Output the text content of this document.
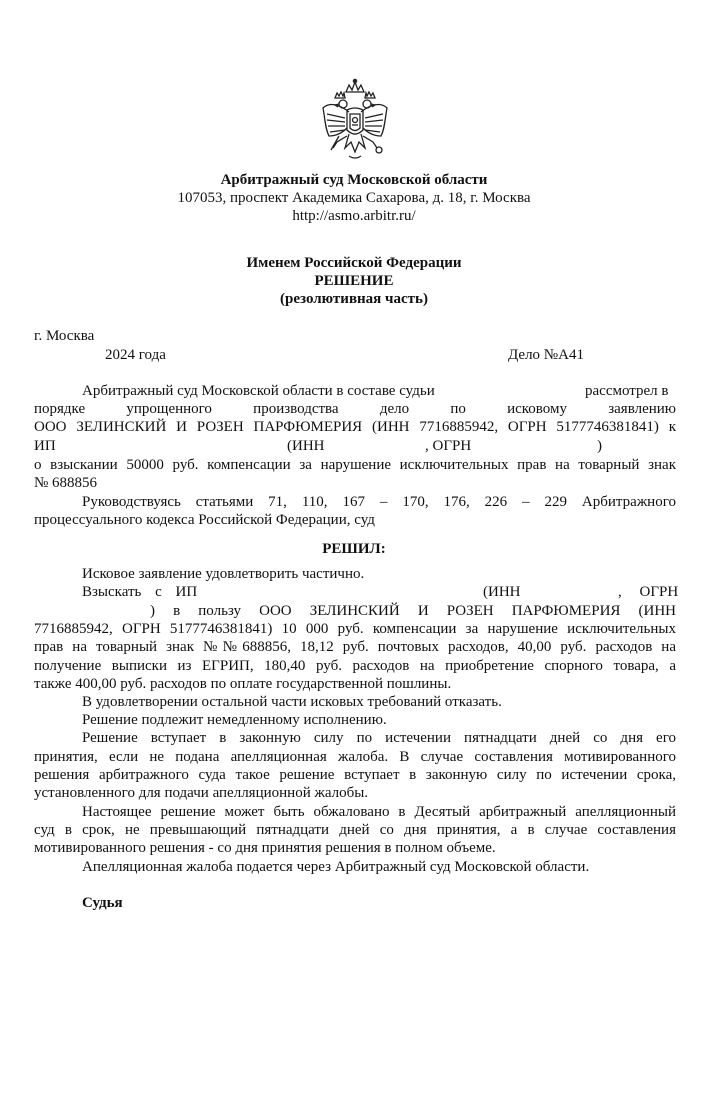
Арбитражный суд Московской области
107053, проспект Академика Сахарова, д. 18, г. Москва
http://asmo.arbitr.ru/
Именем Российской Федерации
РЕШЕНИЕ
(резолютивная часть)
г. Москва
2024 года	Дело №А41
Арбитражный суд Московской области в составе судьи	рассмотрел в
порядке упрощенного производства дело по исковому заявлению
ООО ЗЕЛИНСКИЙ И РОЗЕН ПАРФЮМЕРИЯ (ИНН 7716885942, ОГРН 5177746381841) к
ИП	(ИНН	, ОГРН	)
о взыскании 50000 руб. компенсации за нарушение исключительных прав на товарный знак
№ 688856
Руководствуясь статьями 71, 110, 167 – 170, 176, 226 – 229 Арбитражного
процессуального кодекса Российской Федерации, суд
РЕШИЛ:
Исковое заявление удовлетворить частично.
Взыскать с ИП	(ИНН	, ОГРН
) в пользу ООО ЗЕЛИНСКИЙ И РОЗЕН ПАРФЮМЕРИЯ (ИНН
7716885942, ОГРН 5177746381841) 10 000 руб. компенсации за нарушение исключительных
прав на товарный знак №№688856, 18,12 руб. почтовых расходов, 40,00 руб. расходов на
получение выписки из ЕГРИП, 180,40 руб. расходов на приобретение спорного товара, а
также 400,00 руб. расходов по оплате государственной пошлины.
В удовлетворении остальной части исковых требований отказать.
Решение подлежит немедленному исполнению.
Решение вступает в законную силу по истечении пятнадцати дней со дня его
принятия, если не подана апелляционная жалоба. В случае составления мотивированного
решения арбитражного суда такое решение вступает в законную силу по истечении срока,
установленного для подачи апелляционной жалобы.
Настоящее решение может быть обжаловано в Десятый арбитражный апелляционный
суд в срок, не превышающий пятнадцати дней со дня принятия, а в случае составления
мотивированного решения - со дня принятия решения в полном объеме.
Апелляционная жалоба подается через Арбитражный суд Московской области.
Судья
